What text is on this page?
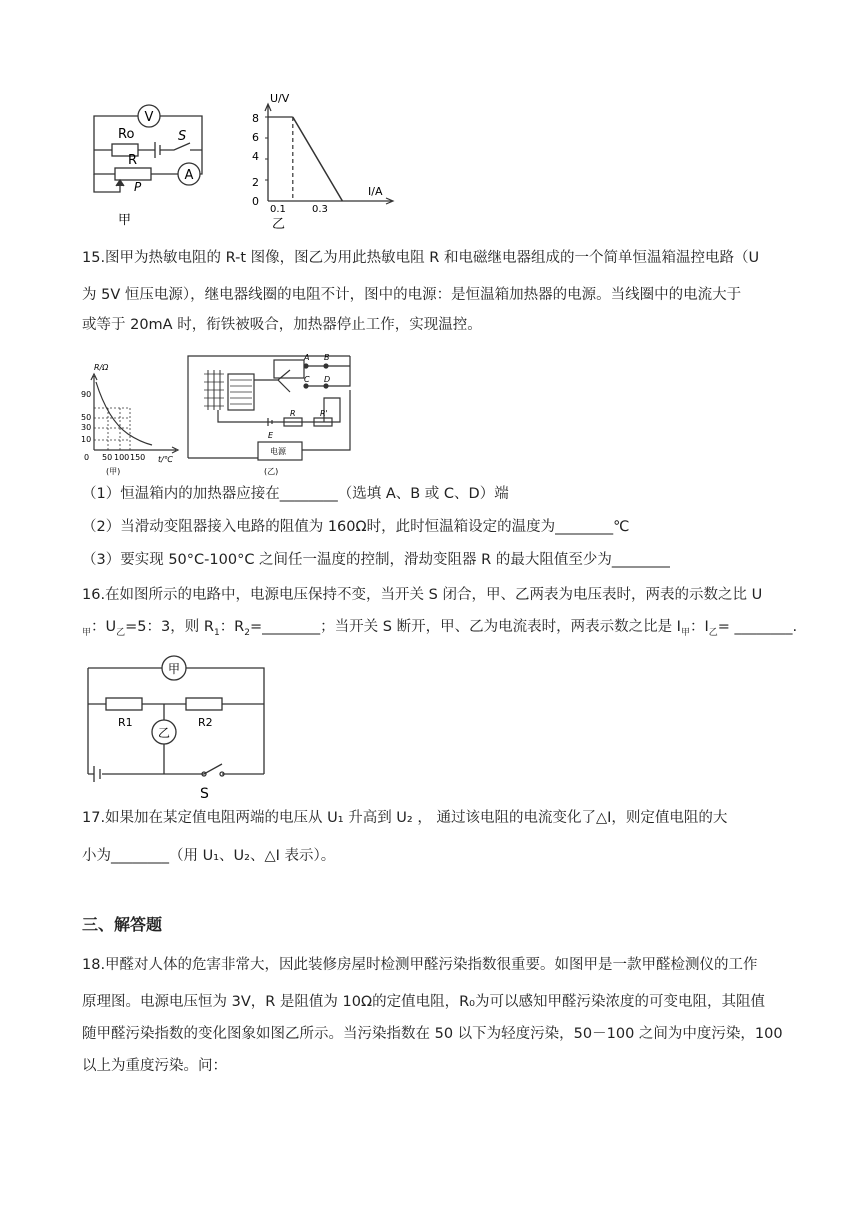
V
A
Ro	S
R
P
甲
U/V
I/A
8
6
4
2
0
0.1	0.3
乙
15.图甲为热敏电阻的 R-t 图像，图乙为用此热敏电阻 R 和电磁继电器组成的一个简单恒温箱温控电路（U
为 5V 恒压电源），继电器线圈的电阻不计，图中的电源：是恒温箱加热器的电源。当线圈中的电流大于
或等于 20mA 时，衔铁被吸合，加热器停止工作，实现温控。
R/Ω
t/℃
90
50
30
10
0 50 100 150
(甲)
A B
C D
E
R	R'
电源
(乙)
（1）恒温箱内的加热器应接在________（选填 A、B 或 C、D）端
（2）当滑动变阻器接入电路的阻值为 160Ω时，此时恒温箱设定的温度为________℃
（3）要实现 50°C-100°C 之间任一温度的控制，滑劫变阻器 R 的最大阻值至少为________
16.在如图所示的电路中，电源电压保持不变，当开关 S 闭合，甲、乙两表为电压表时，两表的示数之比 U
$_甲$：$U_乙=5$：3，则 $R_1$：$R_2=\_\_\_\_\_\_\_\_$；当开关 S 断开，甲、乙为电流表时，两表示数之比是 $I_甲$：$I_乙=$ ________.
甲
乙
R1	R2
S
17.如果加在某定值电阻两端的电压从 U₁ 升高到 U₂ ， 通过该电阻的电流变化了△I，则定值电阻的大
小为________（用 U₁、U₂、△I 表示）。
三、解答题
18.甲醛对人体的危害非常大，因此装修房屋时检测甲醛污染指数很重要。如图甲是一款甲醛检测仪的工作
原理图。电源电压恒为 3V，R 是阻值为 10Ω的定值电阻，R₀为可以感知甲醛污染浓度的可变电阻，其阻值
随甲醛污染指数的变化图象如图乙所示。当污染指数在 50 以下为轻度污染，50－100 之间为中度污染，100
以上为重度污染。问：
